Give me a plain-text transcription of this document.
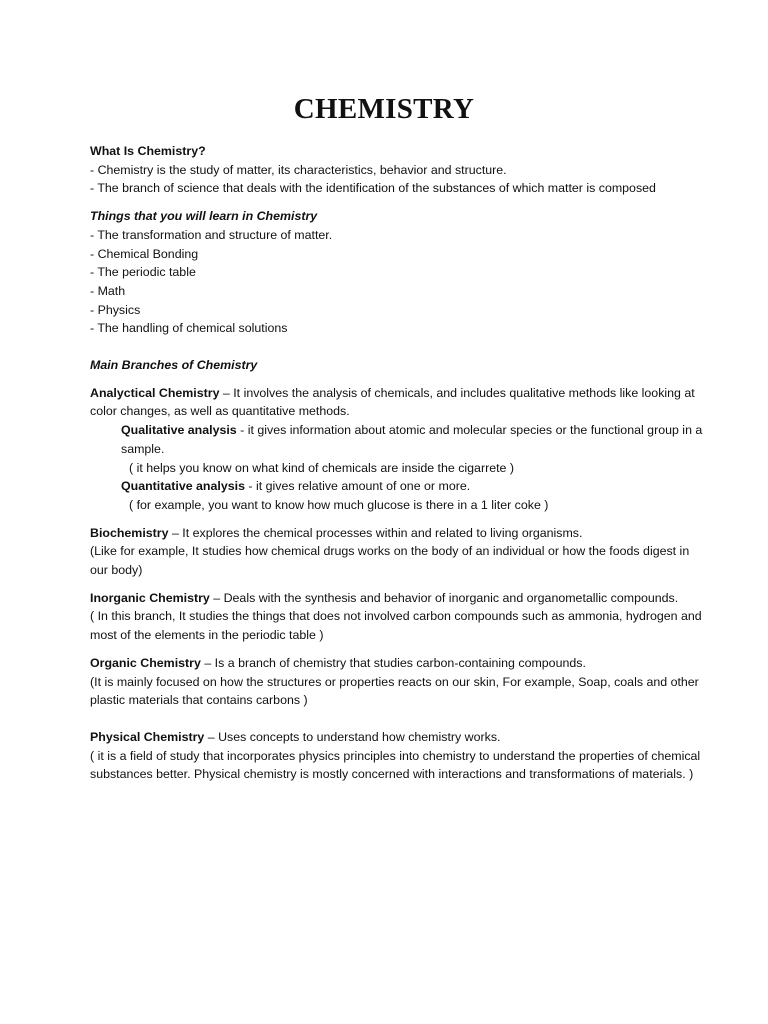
CHEMISTRY
What Is Chemistry?
- Chemistry is the study of matter, its characteristics, behavior and structure.
- The branch of science that deals with the identification of the substances of which matter is composed
Things that you will learn in Chemistry
- The transformation and structure of matter.
- Chemical Bonding
- The periodic table
- Math
- Physics
- The handling of chemical solutions
Main Branches of Chemistry
Analyctical Chemistry – It involves the analysis of chemicals, and includes qualitative methods like looking at color changes, as well as quantitative methods.
Qualitative analysis - it gives information about atomic and molecular species or the functional group in a sample.
( it helps you know on what kind of chemicals are inside the cigarrete )
Quantitative analysis - it gives relative amount of one or more.
( for example, you want to know how much glucose is there in a 1 liter coke )
Biochemistry – It explores the chemical processes within and related to living organisms.
(Like for example, It studies how chemical drugs works on the body of an individual or how the foods digest in our body)
Inorganic Chemistry – Deals with the synthesis and behavior of inorganic and organometallic compounds.
( In this branch, It studies the things that does not involved carbon compounds such as ammonia, hydrogen and most of the elements in the periodic table )
Organic Chemistry – Is a branch of chemistry that studies carbon-containing compounds.
(It is mainly focused on how the structures or properties reacts on our skin, For example, Soap, coals and other plastic materials that contains carbons )
Physical Chemistry – Uses concepts to understand how chemistry works.
( it is a field of study that incorporates physics principles into chemistry to understand the properties of chemical substances better. Physical chemistry is mostly concerned with interactions and transformations of materials. )
